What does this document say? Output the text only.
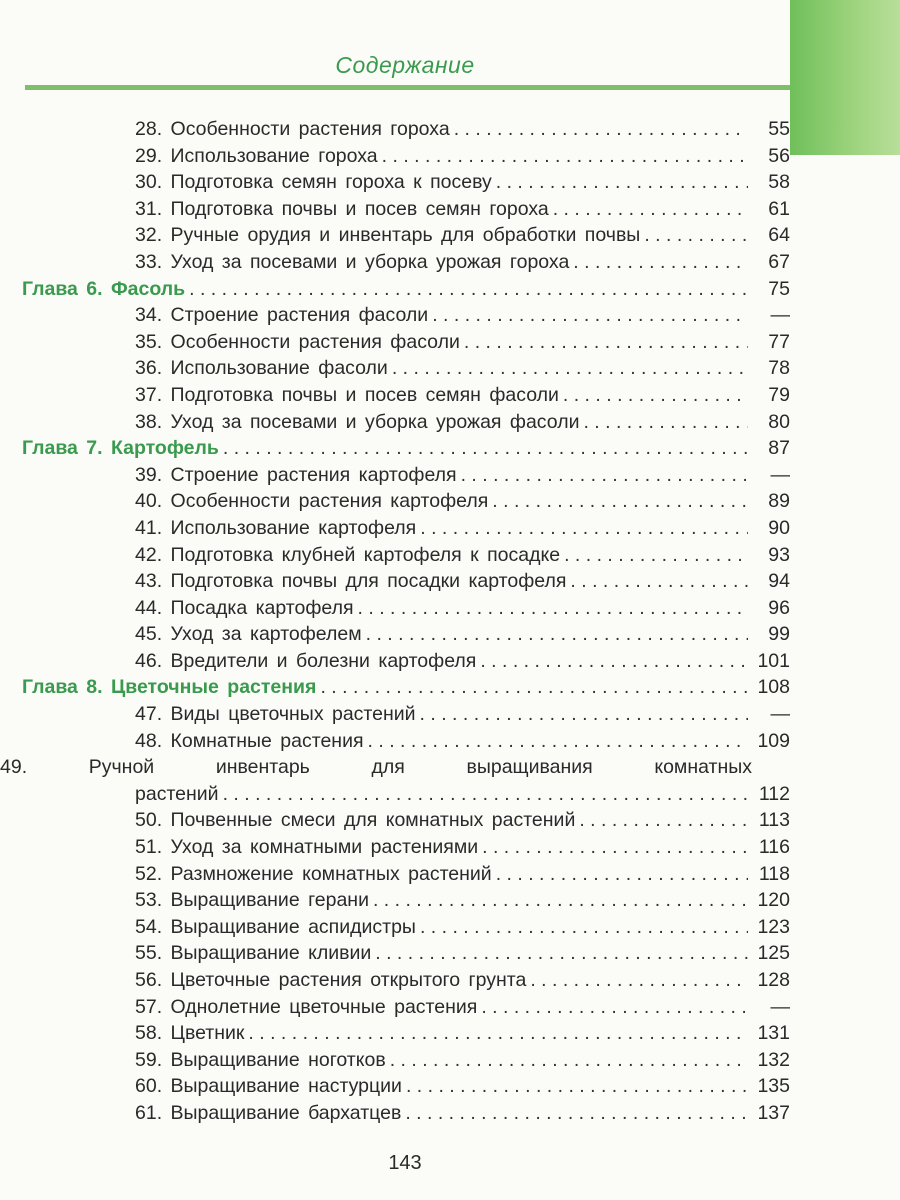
Содержание
28. Особенности растения гороха . . .	55
29. Использование гороха . . .	56
30. Подготовка семян гороха к посеву . . .	58
31. Подготовка почвы и посев семян гороха . . .	61
32. Ручные орудия и инвентарь для обработки почвы . . .	64
33. Уход за посевами и уборка урожая гороха . . .	67
Глава 6. Фасоль . . .	75
34. Строение растения фасоли . . .	—
35. Особенности растения фасоли . . .	77
36. Использование фасоли . . .	78
37. Подготовка почвы и посев семян фасоли . . .	79
38. Уход за посевами и уборка урожая фасоли . . .	80
Глава 7. Картофель . . .	87
39. Строение растения картофеля . . .	—
40. Особенности растения картофеля . . .	89
41. Использование картофеля . . .	90
42. Подготовка клубней картофеля к посадке . . .	93
43. Подготовка почвы для посадки картофеля . . .	94
44. Посадка картофеля . . .	96
45. Уход за картофелем . . .	99
46. Вредители и болезни картофеля . . .	101
Глава 8. Цветочные растения . . .	108
47. Виды цветочных растений . . .	—
48. Комнатные растения . . .	109
49. Ручной инвентарь для выращивания комнатных
растений . . .	112
50. Почвенные смеси для комнатных растений . . .	113
51. Уход за комнатными растениями . . .	116
52. Размножение комнатных растений . . .	118
53. Выращивание герани . . .	120
54. Выращивание аспидистры . . .	123
55. Выращивание кливии . . .	125
56. Цветочные растения открытого грунта . . .	128
57. Однолетние цветочные растения . . .	—
58. Цветник . . .	131
59. Выращивание ноготков . . .	132
60. Выращивание настурции . . .	135
61. Выращивание бархатцев . . .	137
143
